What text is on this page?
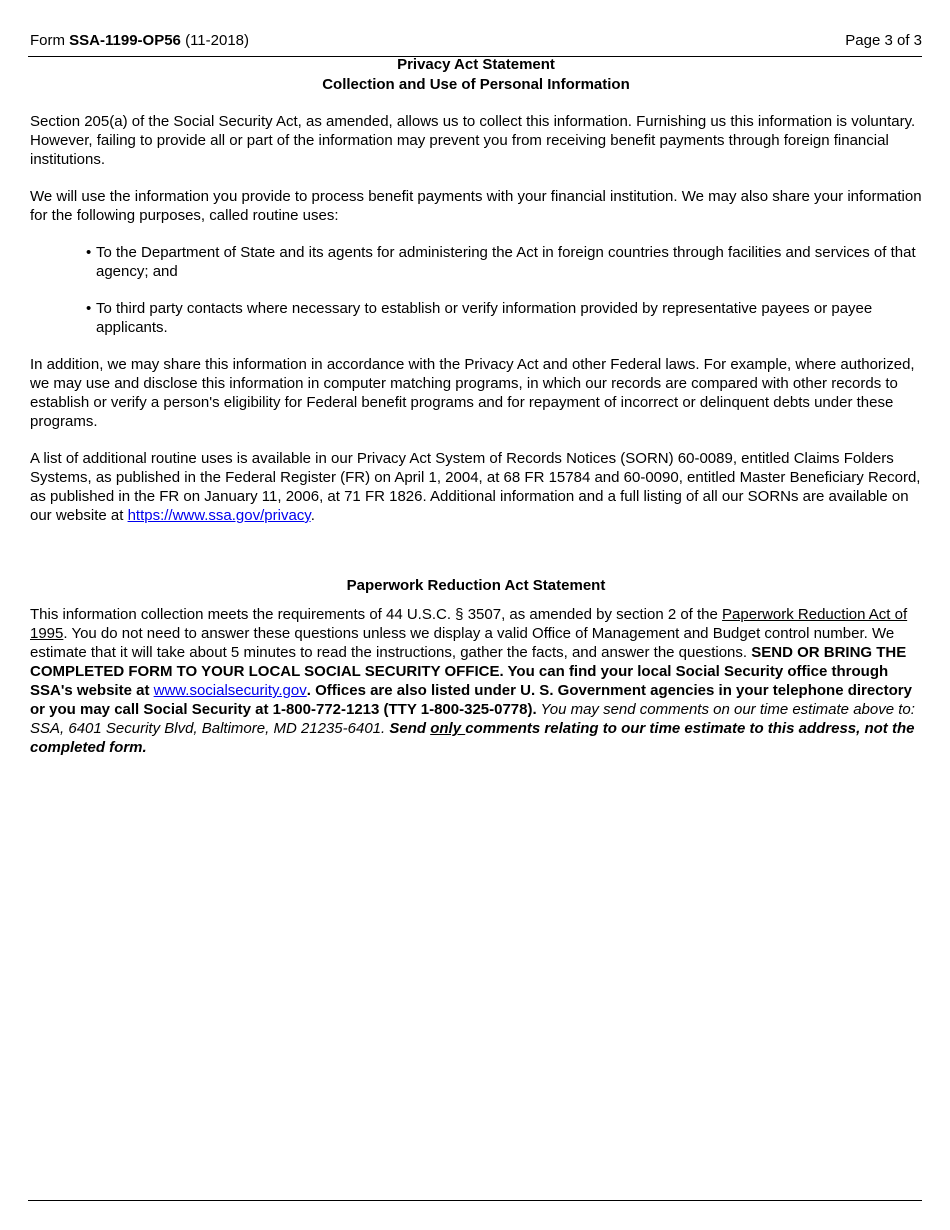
Form SSA-1199-OP56 (11-2018)	Page 3 of 3

Privacy Act Statement

Collection and Use of Personal Information

Section 205(a) of the Social Security Act, as amended, allows us to collect this information. Furnishing us this information is voluntary. However, failing to provide all or part of the information may prevent you from receiving benefit payments through foreign financial institutions.

We will use the information you provide to process benefit payments with your financial institution. We may also share your information for the following purposes, called routine uses:

• To the Department of State and its agents for administering the Act in foreign countries through facilities and services of that agency; and
• To third party contacts where necessary to establish or verify information provided by representative payees or payee applicants.

In addition, we may share this information in accordance with the Privacy Act and other Federal laws. For example, where authorized, we may use and disclose this information in computer matching programs, in which our records are compared with other records to establish or verify a person's eligibility for Federal benefit programs and for repayment of incorrect or delinquent debts under these programs.

A list of additional routine uses is available in our Privacy Act System of Records Notices (SORN) 60-0089, entitled Claims Folders Systems, as published in the Federal Register (FR) on April 1, 2004, at 68 FR 15784 and 60-0090, entitled Master Beneficiary Record, as published in the FR on January 11, 2006, at 71 FR 1826. Additional information and a full listing of all our SORNs are available on our website at https://www.ssa.gov/privacy.

Paperwork Reduction Act Statement

This information collection meets the requirements of 44 U.S.C. § 3507, as amended by section 2 of the Paperwork Reduction Act of 1995. You do not need to answer these questions unless we display a valid Office of Management and Budget control number. We estimate that it will take about 5 minutes to read the instructions, gather the facts, and answer the questions. SEND OR BRING THE COMPLETED FORM TO YOUR LOCAL SOCIAL SECURITY OFFICE. You can find your local Social Security office through SSA's website at www.socialsecurity.gov. Offices are also listed under U. S. Government agencies in your telephone directory or you may call Social Security at 1-800-772-1213 (TTY 1-800-325-0778). You may send comments on our time estimate above to: SSA, 6401 Security Blvd, Baltimore, MD 21235-6401. Send only comments relating to our time estimate to this address, not the completed form.
